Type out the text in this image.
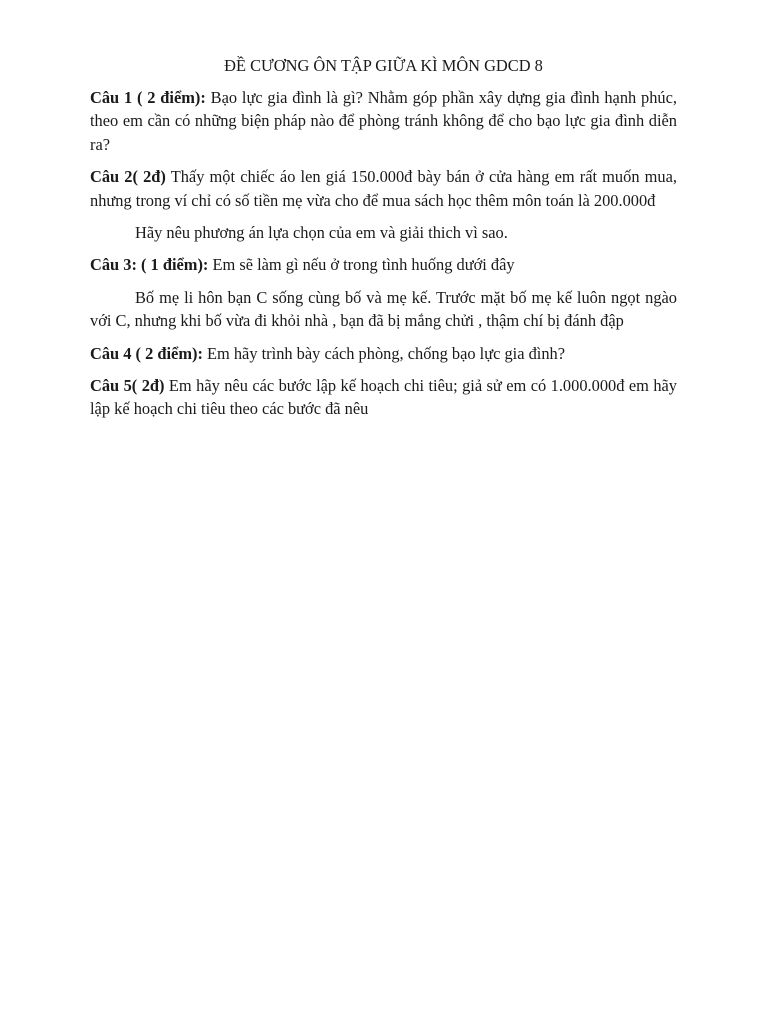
ĐỀ CƯƠNG ÔN TẬP GIỮA KÌ MÔN GDCD 8

Câu 1 ( 2 điểm): Bạo lực gia đình là gì? Nhằm góp phần xây dựng gia đình hạnh phúc, theo em cần có những biện pháp nào để phòng tránh không để cho bạo lực gia đình diễn ra?

Câu 2( 2đ) Thấy một chiếc áo len giá 150.000đ bày bán ở cửa hàng em rất muốn mua, nhưng trong ví chỉ có số tiền mẹ vừa cho để mua sách học thêm môn toán là 200.000đ

Hãy nêu phương án lựa chọn của em và giải thich vì sao.

Câu 3: ( 1 điểm): Em sẽ làm gì nếu ở trong tình huống dưới đây

Bố mẹ li hôn bạn C sống cùng bố và mẹ kế. Trước mặt bố mẹ kế luôn ngọt ngào với C, nhưng khi bố vừa đi khỏi nhà , bạn đã bị mắng chửi , thậm chí bị đánh đập

Câu 4 ( 2 điểm): Em hãy trình bày cách phòng, chống bạo lực gia đình?

Câu 5( 2đ) Em hãy nêu các bước lập kế hoạch chi tiêu; giả sử em có 1.000.000đ em hãy lập kế hoạch chi tiêu theo các bước đã nêu
